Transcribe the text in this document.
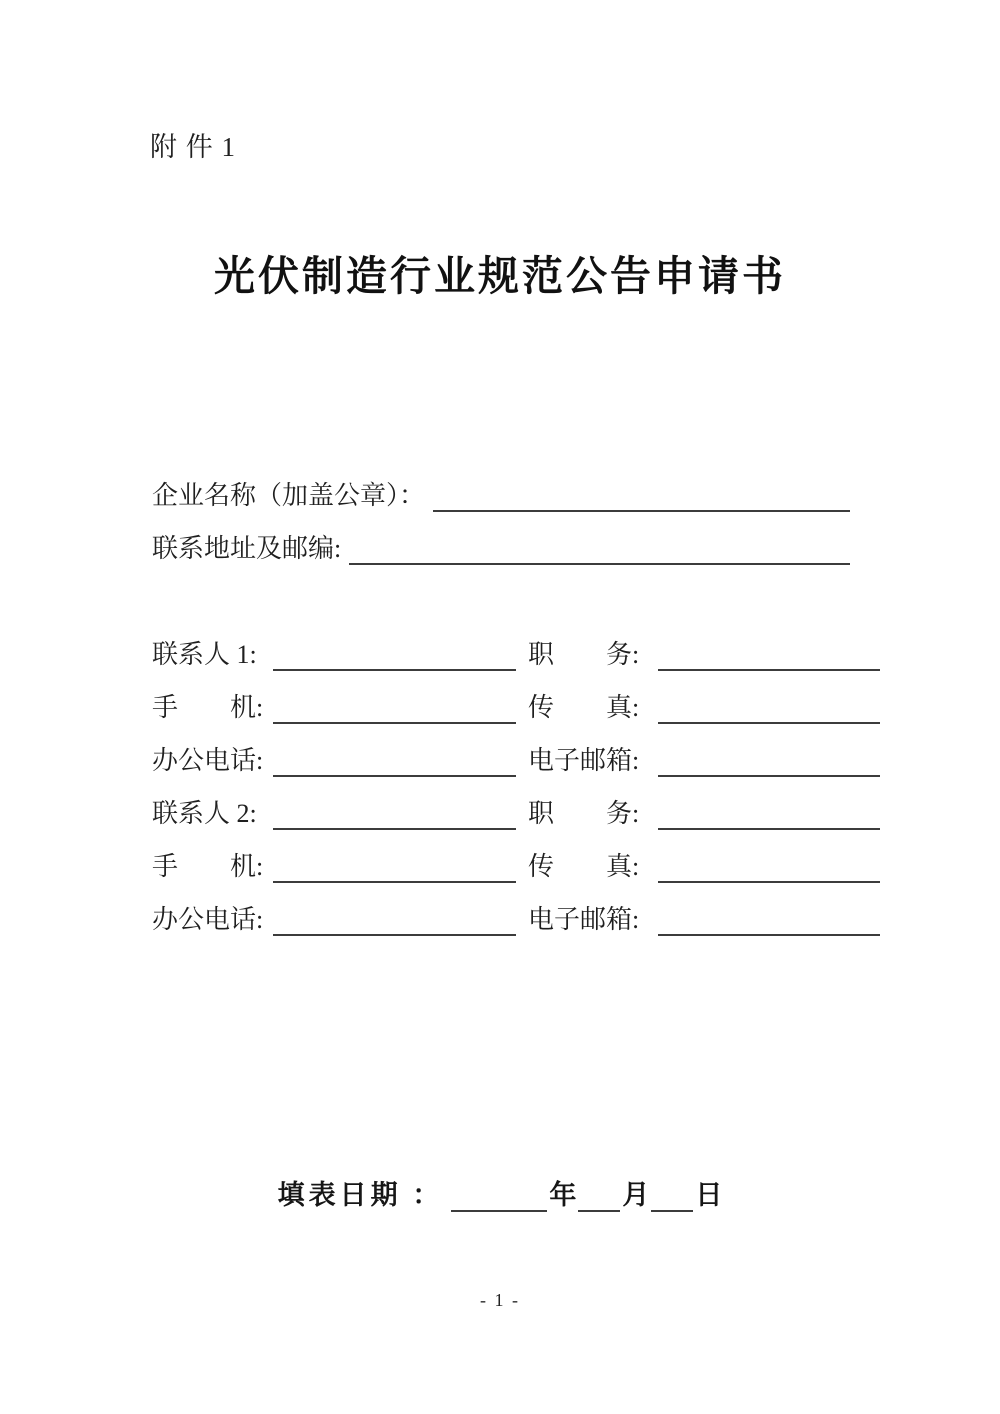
附 件 1
光伏制造行业规范公告申请书
企业名称（加盖公章）：
联系地址及邮编:
联系人 1:	职　　务:
手　　机:	传　　真:
办公电话:	电子邮箱:
联系人 2:	职　　务:
手　　机:	传　　真:
办公电话:	电子邮箱:
填表日期 ：	年 月 日
- 1 -
